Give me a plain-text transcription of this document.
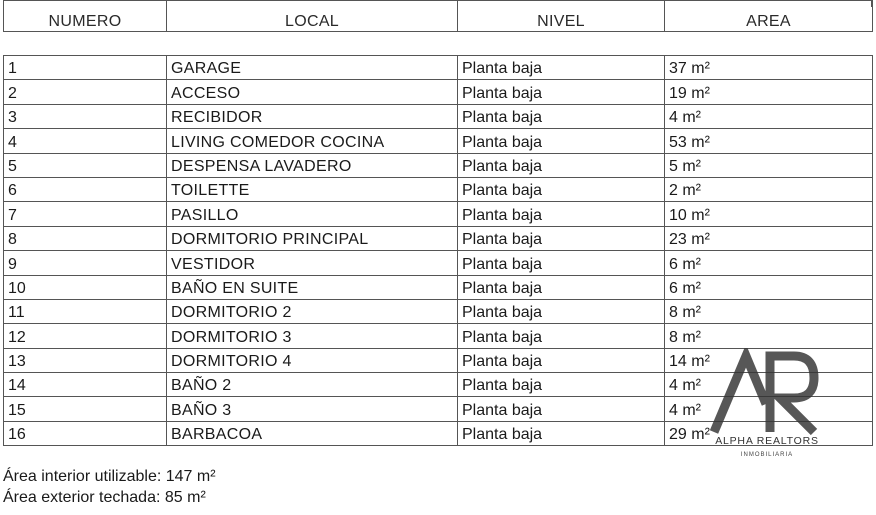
NUMERO	LOCAL	NIVEL	AREA
1	GARAGE	Planta baja	37 m²
2	ACCESO	Planta baja	19 m²
3	RECIBIDOR	Planta baja	4 m²
4	LIVING COMEDOR COCINA	Planta baja	53 m²
5	DESPENSA LAVADERO	Planta baja	5 m²
6	TOILETTE	Planta baja	2 m²
7	PASILLO	Planta baja	10 m²
8	DORMITORIO PRINCIPAL	Planta baja	23 m²
9	VESTIDOR	Planta baja	6 m²
10	BAÑO EN SUITE	Planta baja	6 m²
11	DORMITORIO 2	Planta baja	8 m²
12	DORMITORIO 3	Planta baja	8 m²
13	DORMITORIO 4	Planta baja	14 m²
14	BAÑO 2	Planta baja	4 m²
15	BAÑO 3	Planta baja	4 m²
16	BARBACOA	Planta baja	29 m²
Área interior utilizable: 147 m²
Área exterior techada: 85 m²
ALPHA REALTORS
INMOBILIARIA
